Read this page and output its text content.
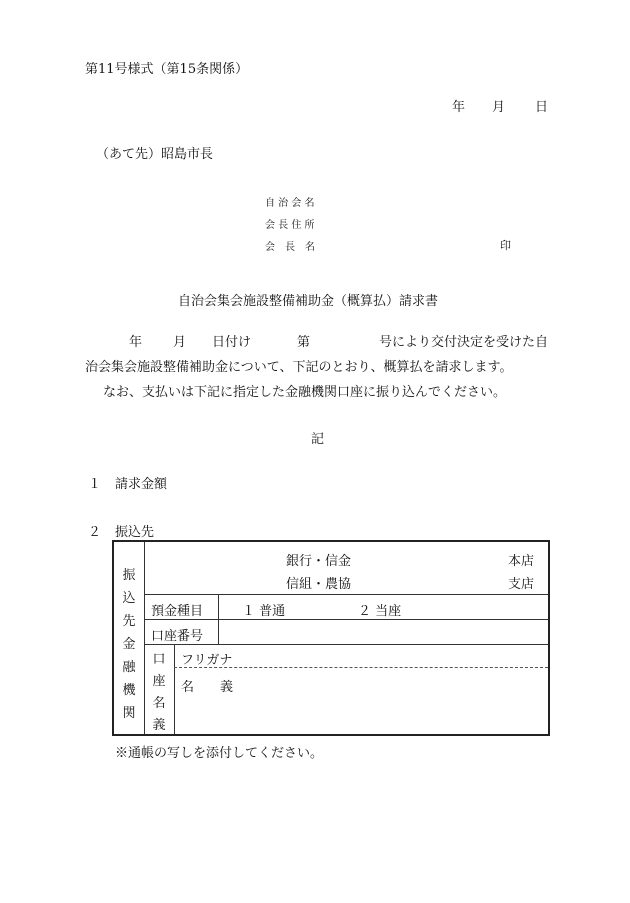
第11号様式（第15条関係）
年 月 日
（あて先）昭島市長
自 治 会 名
会 長 住 所
会　長　名	印
自治会集会施設整備補助金（概算払）請求書
年 月 日付け	第	号により交付決定を受けた自
治会集会施設整備補助金について、下記のとおり、概算払を請求します。
なお、支払いは下記に指定した金融機関口座に振り込んでください。
記
１ 請求金額
２ 振込先
振
込
先
金
融
機
関
銀行・信金	本店
信組・農協	支店
預金種目	１ 普通	２ 当座
口座番号
口
座
名
義
フリガナ
名　　義
※通帳の写しを添付してください。
